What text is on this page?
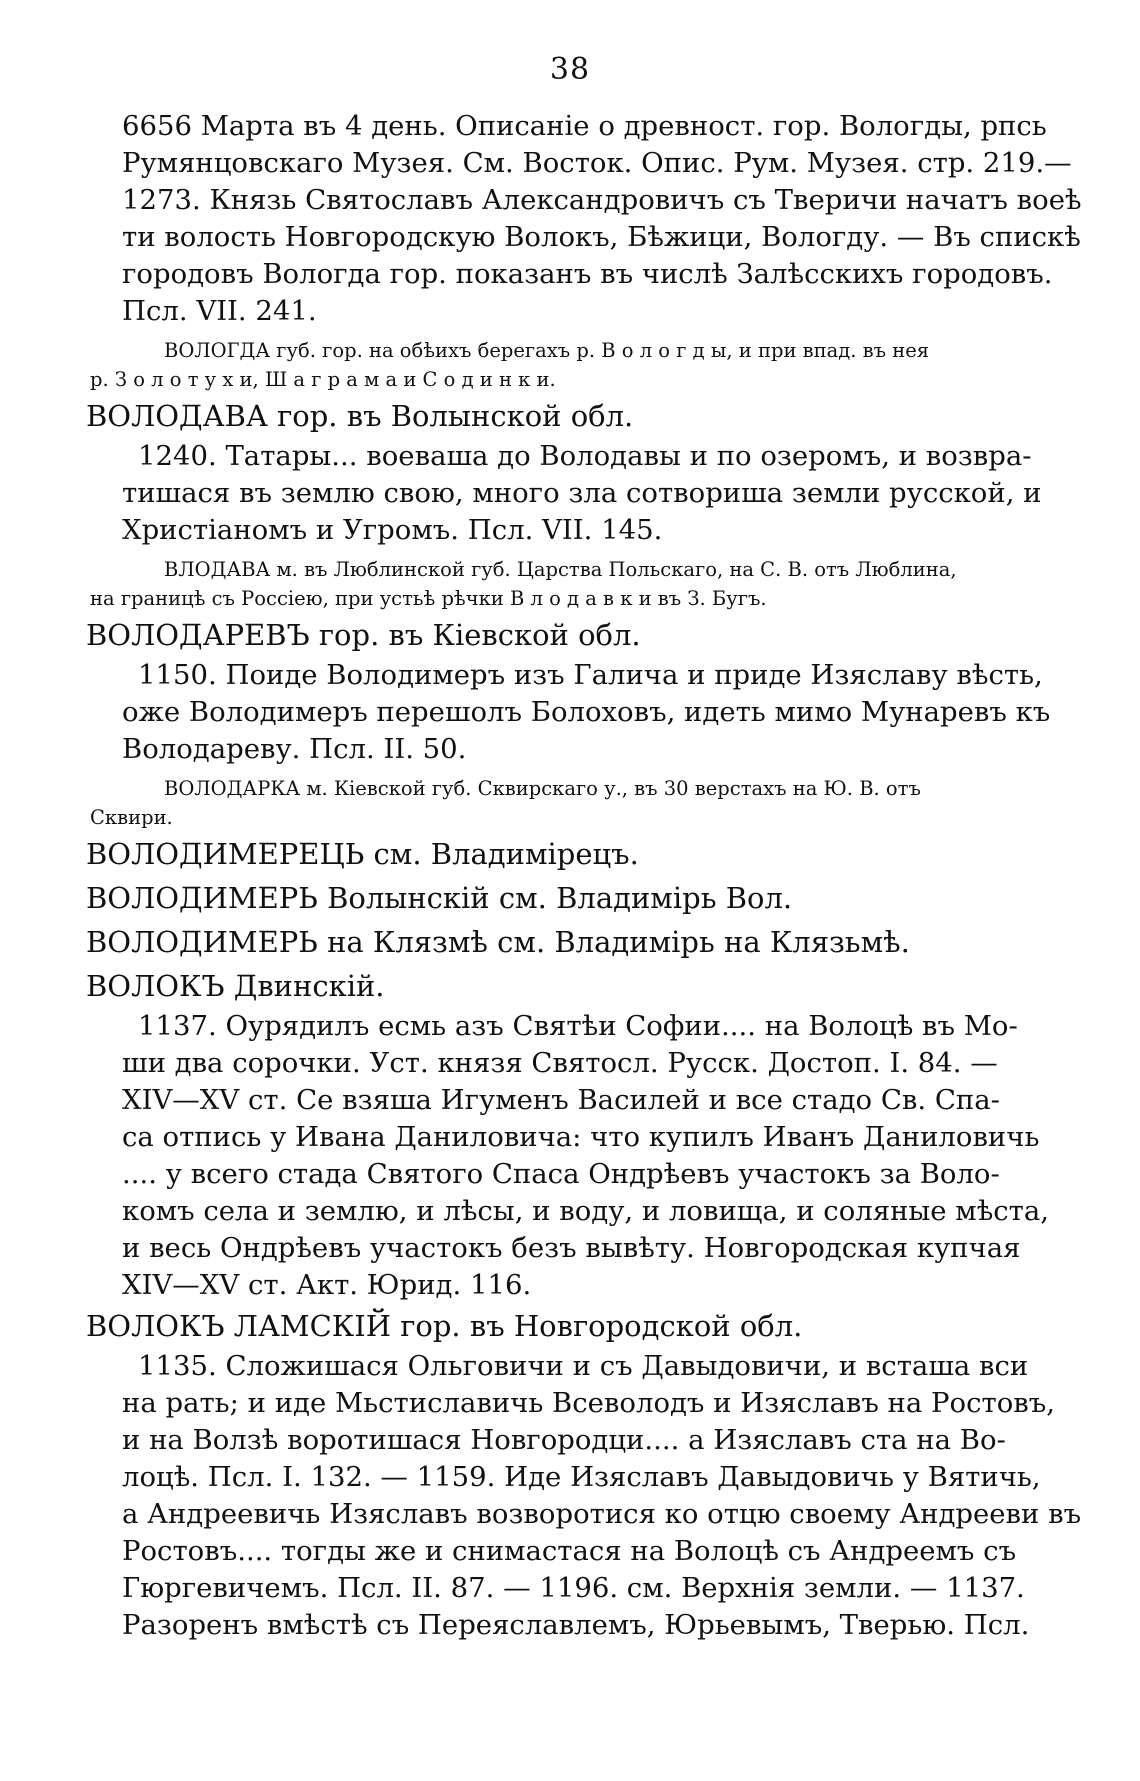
38
6656 Марта въ 4 день. Описаніе о древност. гор. Вологды, рпсь
Румянцовскаго Музея. См. Восток. Опис. Рум. Музея. стр. 219.—
1273. Князь Святославъ Александровичъ съ Тверичи начатъ воеѣ
ти волость Новгородскую Волокъ, Бѣжици, Вологду. — Въ спискѣ
городовъ Вологда гор. показанъ въ числѣ Залѣсскихъ городовъ.
Псл. VII. 241.
ВОЛОГДА губ. гор. на обѣихъ берегахъ р. В о л о г д ы, и при впад. въ нея
р. З о л о т у х и, Ш а г р а м а и С о д и н к и.
ВОЛОДАВА гор. въ Волынской обл.
1240. Татары... воеваша до Володавы и по озеромъ, и возвра-
тишася въ землю свою, много зла сотвориша земли русской, и
Христіаномъ и Угромъ. Псл. VII. 145.
ВЛОДАВА м. въ Люблинской губ. Царства Польскаго, на С. В. отъ Люблина,
на границѣ съ Россіею, при устьѣ рѣчки В л о д а в к и въ З. Бугъ.
ВОЛОДАРЕВЪ гор. въ Кіевской обл.
1150. Поиде Володимеръ изъ Галича и приде Изяславу вѣсть,
оже Володимеръ перешолъ Болоховъ, идеть мимо Мунаревъ къ
Володареву. Псл. II. 50.
ВОЛОДАРКА м. Кіевской губ. Сквирскаго у., въ 30 верстахъ на Ю. В. отъ
Сквири.
ВОЛОДИМЕРЕЦЬ см. Владимірецъ.
ВОЛОДИМЕРЬ Волынскій см. Владимірь Вол.
ВОЛОДИМЕРЬ на Клязмѣ см. Владимірь на Клязьмѣ.
ВОЛОКЪ Двинскій.
1137. Оурядилъ есмь азъ Святѣи Софии.... на Волоцѣ въ Мо-
ши два сорочки. Уст. князя Святосл. Русск. Достоп. І. 84. —
XIV—XV ст. Се взяша Игуменъ Василей и все стадо Св. Спа-
са отпись у Ивана Даниловича: что купилъ Иванъ Даниловичь
.... у всего стада Святого Спаса Ондрѣевъ участокъ за Воло-
комъ села и землю, и лѣсы, и воду, и ловища, и соляные мѣста,
и весь Ондрѣевъ участокъ безъ вывѣту. Новгородская купчая
XIV—XV ст. Акт. Юрид. 116.
ВОЛОКЪ ЛАМСКІЙ гор. въ Новгородской обл.
1135. Сложишася Ольговичи и съ Давыдовичи, и всташа вси
на рать; и иде Мьстиславичь Всеволодъ и Изяславъ на Ростовъ,
и на Волзѣ воротишася Новгородци.... а Изяславъ ста на Во-
лоцѣ. Псл. І. 132. — 1159. Иде Изяславъ Давыдовичь у Вятичь,
а Андреевичь Изяславъ возворотися ко отцю своему Андрееви въ
Ростовъ.... тогды же и снимастася на Волоцѣ съ Андреемъ съ
Гюргевичемъ. Псл. II. 87. — 1196. см. Верхнія земли. — 1137.
Разоренъ вмѣстѣ съ Переяславлемъ, Юрьевымъ, Тверью. Псл.
